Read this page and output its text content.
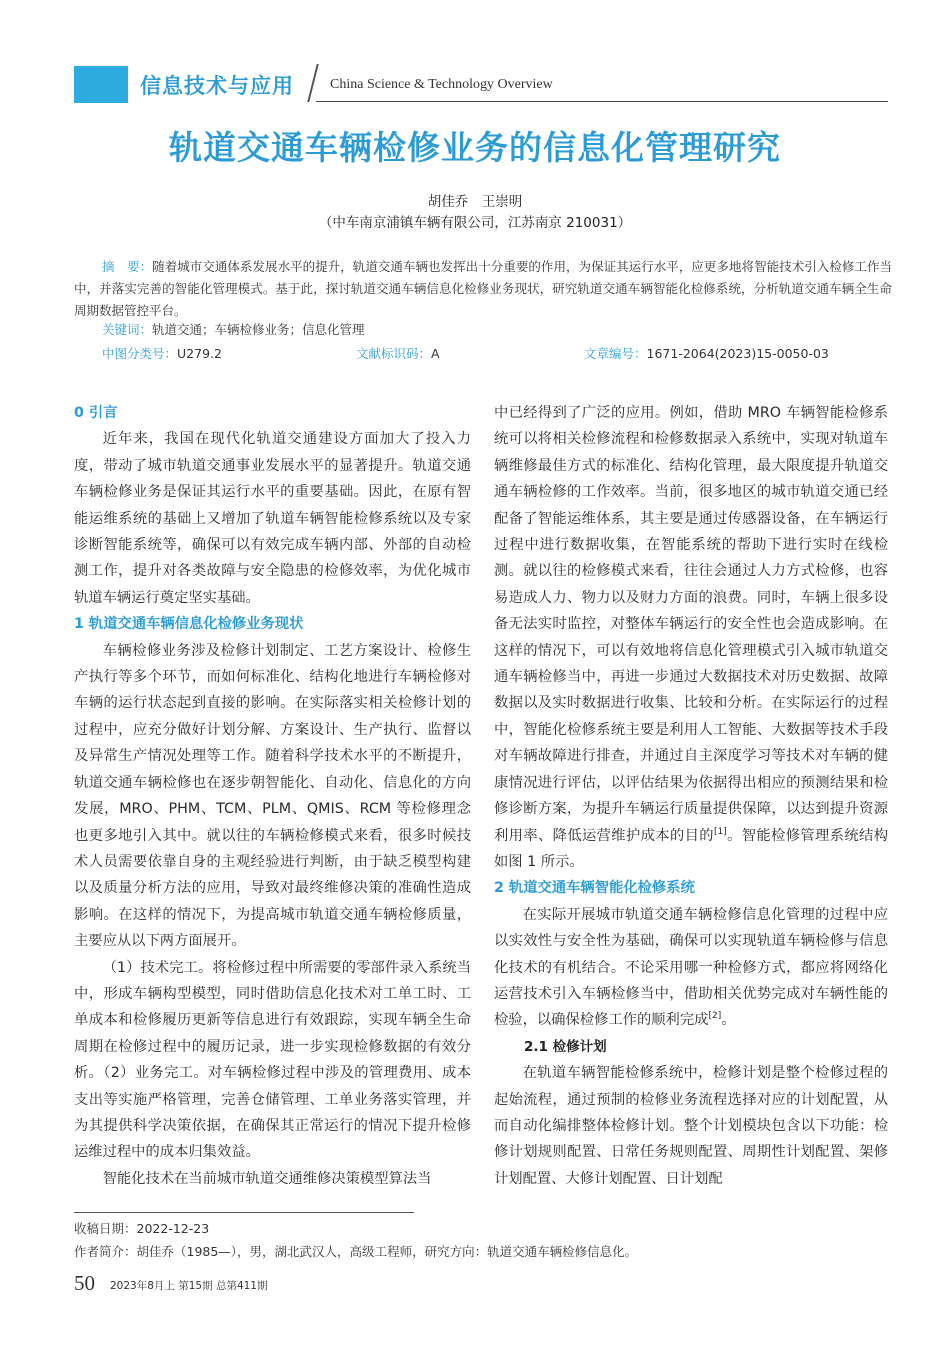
信息技术与应用	China Science & Technology Overview
轨道交通车辆检修业务的信息化管理研究
胡佳乔　王崇明
（中车南京浦镇车辆有限公司，江苏南京 210031）
摘　要：随着城市交通体系发展水平的提升，轨道交通车辆也发挥出十分重要的作用，为保证其运行水平，应更多地将智能技术引入检修工作当中，并落实完善的智能化管理模式。基于此，探讨轨道交通车辆信息化检修业务现状，研究轨道交通车辆智能化检修系统，分析轨道交通车辆全生命周期数据管控平台。
关键词：轨道交通；车辆检修业务；信息化管理
中图分类号：U279.2	文献标识码：A	文章编号：1671-2064(2023)15-0050-03
0 引言

近年来，我国在现代化轨道交通建设方面加大了投入力度，带动了城市轨道交通事业发展水平的显著提升。轨道交通车辆检修业务是保证其运行水平的重要基础。因此，在原有智能运维系统的基础上又增加了轨道车辆智能检修系统以及专家诊断智能系统等，确保可以有效完成车辆内部、外部的自动检测工作，提升对各类故障与安全隐患的检修效率，为优化城市轨道车辆运行奠定坚实基础。

1 轨道交通车辆信息化检修业务现状

车辆检修业务涉及检修计划制定、工艺方案设计、检修生产执行等多个环节，而如何标准化、结构化地进行车辆检修对车辆的运行状态起到直接的影响。在实际落实相关检修计划的过程中，应充分做好计划分解、方案设计、生产执行、监督以及异常生产情况处理等工作。随着科学技术水平的不断提升，轨道交通车辆检修也在逐步朝智能化、自动化、信息化的方向发展，MRO、PHM、TCM、PLM、QMIS、RCM 等检修理念也更多地引入其中。就以往的车辆检修模式来看，很多时候技术人员需要依靠自身的主观经验进行判断，由于缺乏模型构建以及质量分析方法的应用，导致对最终维修决策的准确性造成影响。在这样的情况下，为提高城市轨道交通车辆检修质量，主要应从以下两方面展开。

（1）技术完工。将检修过程中所需要的零部件录入系统当中，形成车辆构型模型，同时借助信息化技术对工单工时、工单成本和检修履历更新等信息进行有效跟踪，实现车辆全生命周期在检修过程中的履历记录，进一步实现检修数据的有效分析。（2）业务完工。对车辆检修过程中涉及的管理费用、成本支出等实施严格管理，完善仓储管理、工单业务落实管理，并为其提供科学决策依据，在确保其正常运行的情况下提升检修运维过程中的成本归集效益。

智能化技术在当前城市轨道交通维修决策模型算法当

中已经得到了广泛的应用。例如，借助 MRO 车辆智能检修系统可以将相关检修流程和检修数据录入系统中，实现对轨道车辆维修最佳方式的标准化、结构化管理，最大限度提升轨道交通车辆检修的工作效率。当前，很多地区的城市轨道交通已经配备了智能运维体系，其主要是通过传感器设备，在车辆运行过程中进行数据收集，在智能系统的帮助下进行实时在线检测。就以往的检修模式来看，往往会通过人力方式检修，也容易造成人力、物力以及财力方面的浪费。同时，车辆上很多设备无法实时监控，对整体车辆运行的安全性也会造成影响。在这样的情况下，可以有效地将信息化管理模式引入城市轨道交通车辆检修当中，再进一步通过大数据技术对历史数据、故障数据以及实时数据进行收集、比较和分析。在实际运行的过程中，智能化检修系统主要是利用人工智能、大数据等技术手段对车辆故障进行排查，并通过自主深度学习等技术对车辆的健康情况进行评估，以评估结果为依据得出相应的预测结果和检修诊断方案，为提升车辆运行质量提供保障，以达到提升资源利用率、降低运营维护成本的目的[1]。智能检修管理系统结构如图 1 所示。

2 轨道交通车辆智能化检修系统

在实际开展城市轨道交通车辆检修信息化管理的过程中应以实效性与安全性为基础，确保可以实现轨道车辆检修与信息化技术的有机结合。不论采用哪一种检修方式，都应将网络化运营技术引入车辆检修当中，借助相关优势完成对车辆性能的检验，以确保检修工作的顺利完成[2]。

2.1 检修计划

在轨道车辆智能检修系统中，检修计划是整个检修过程的起始流程，通过预制的检修业务流程选择对应的计划配置，从而自动化编排整体检修计划。整个计划模块包含以下功能：检修计划规则配置、日常任务规则配置、周期性计划配置、架修计划配置、大修计划配置、日计划配

收稿日期：2022-12-23
作者简介：胡佳乔（1985—），男，湖北武汉人，高级工程师，研究方向：轨道交通车辆检修信息化。
50 2023年8月上 第15期 总第411期
